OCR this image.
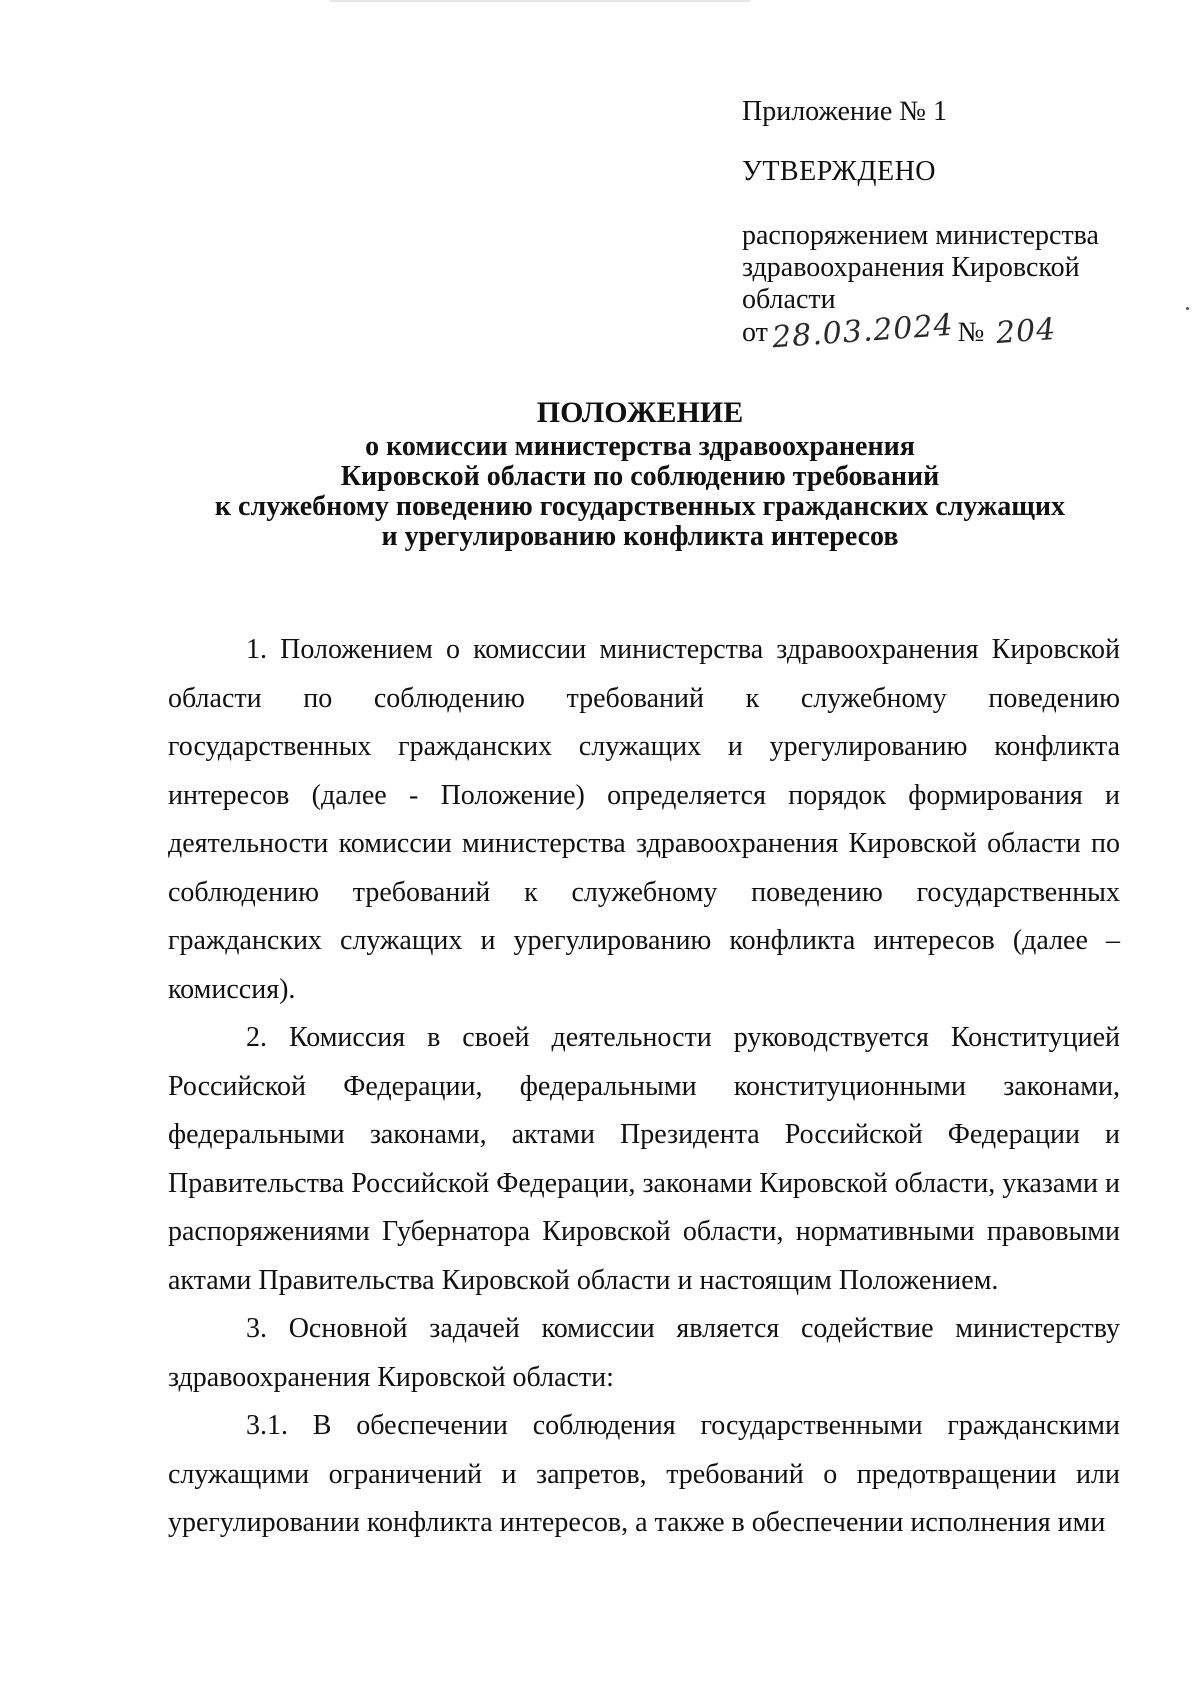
Приложение № 1
УТВЕРЖДЕНО
распоряжением министерства
здравоохранения Кировской
области
от28.03.2024 № 204
ПОЛОЖЕНИЕ
о комиссии министерства здравоохранения
Кировской области по соблюдению требований
к служебному поведению государственных гражданских служащих
и урегулированию конфликта интересов

1. Положением о комиссии министерства здравоохранения Кировской области по соблюдению требований к служебному поведению государственных гражданских служащих и урегулированию конфликта интересов (далее - Положение) определяется порядок формирования и деятельности комиссии министерства здравоохранения Кировской области по соблюдению требований к служебному поведению государственных гражданских служащих и урегулированию конфликта интересов (далее – комиссия).

2. Комиссия в своей деятельности руководствуется Конституцией Российской Федерации, федеральными конституционными законами, федеральными законами, актами Президента Российской Федерации и Правительства Российской Федерации, законами Кировской области, указами и распоряжениями Губернатора Кировской области, нормативными правовыми актами Правительства Кировской области и настоящим Положением.

3. Основной задачей комиссии является содействие министерству здравоохранения Кировской области:

3.1. В обеспечении соблюдения государственными гражданскими служащими ограничений и запретов, требований о предотвращении или урегулировании конфликта интересов, а также в обеспечении исполнения ими
